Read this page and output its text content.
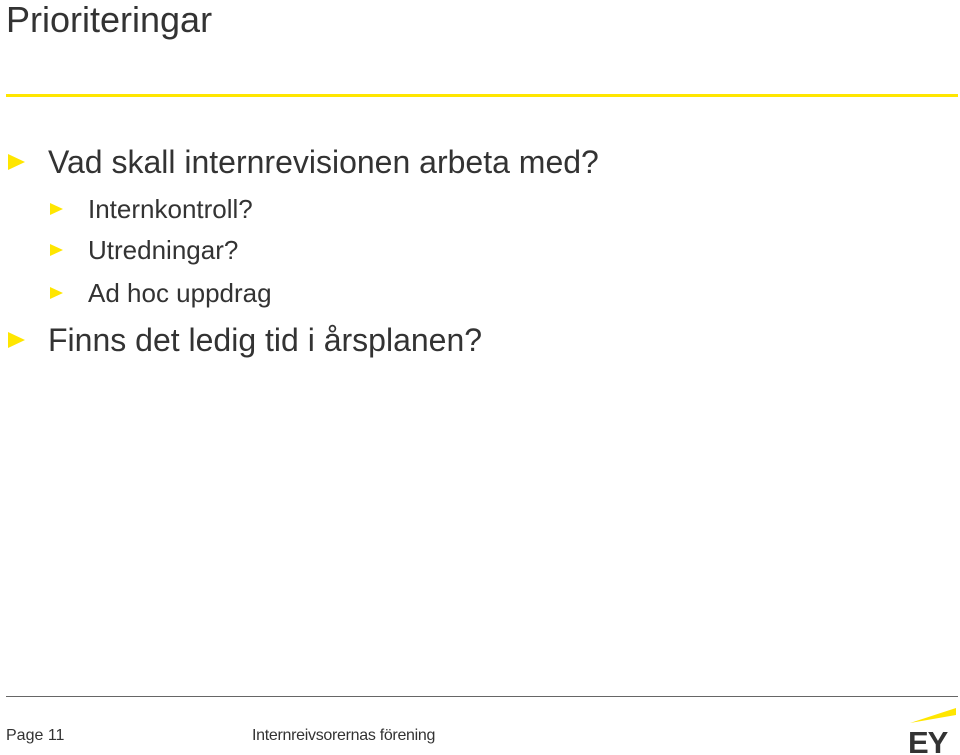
Prioriteringar
Vad skall internrevisionen arbeta med?
Internkontroll?
Utredningar?
Ad hoc uppdrag
Finns det ledig tid i årsplanen?
Page 11	Internreivsorernas förening	EY
